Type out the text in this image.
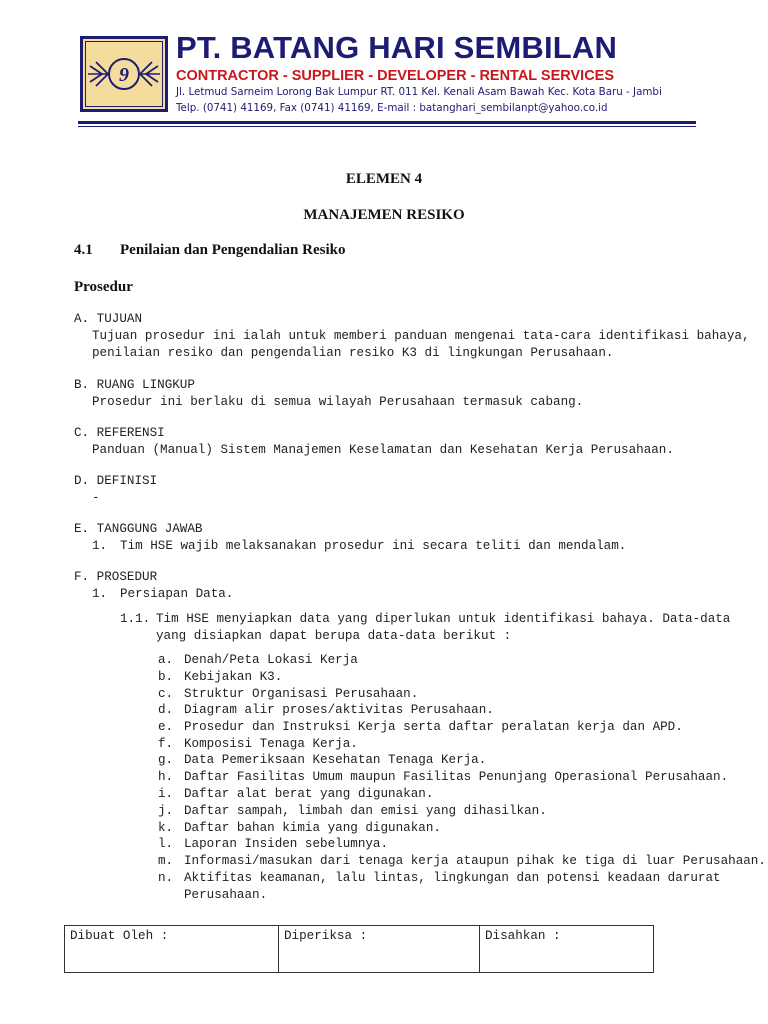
9
PT. BATANG HARI SEMBILAN
CONTRACTOR - SUPPLIER - DEVELOPER - RENTAL SERVICES
Jl. Letmud Sarneim Lorong Bak Lumpur RT. 011 Kel. Kenali Asam Bawah Kec. Kota Baru - Jambi
Telp. (0741) 41169, Fax (0741) 41169, E-mail : batanghari_sembilanpt@yahoo.co.id
ELEMEN 4
MANAJEMEN RESIKO
4.1 Penilaian dan Pengendalian Resiko
Prosedur
A. TUJUAN
Tujuan prosedur ini ialah untuk memberi panduan mengenai tata-cara identifikasi bahaya,
penilaian resiko dan pengendalian resiko K3 di lingkungan Perusahaan.
B. RUANG LINGKUP
Prosedur ini berlaku di semua wilayah Perusahaan termasuk cabang.
C. REFERENSI
Panduan (Manual) Sistem Manajemen Keselamatan dan Kesehatan Kerja Perusahaan.
D. DEFINISI
-
E. TANGGUNG JAWAB
1. Tim HSE wajib melaksanakan prosedur ini secara teliti dan mendalam.
F. PROSEDUR
1. Persiapan Data.
1.1. Tim HSE menyiapkan data yang diperlukan untuk identifikasi bahaya. Data-data
yang disiapkan dapat berupa data-data berikut :
a. Denah/Peta Lokasi Kerja
b. Kebijakan K3.
c. Struktur Organisasi Perusahaan.
d. Diagram alir proses/aktivitas Perusahaan.
e. Prosedur dan Instruksi Kerja serta daftar peralatan kerja dan APD.
f. Komposisi Tenaga Kerja.
g. Data Pemeriksaan Kesehatan Tenaga Kerja.
h. Daftar Fasilitas Umum maupun Fasilitas Penunjang Operasional Perusahaan.
i. Daftar alat berat yang digunakan.
j. Daftar sampah, limbah dan emisi yang dihasilkan.
k. Daftar bahan kimia yang digunakan.
l. Laporan Insiden sebelumnya.
m. Informasi/masukan dari tenaga kerja ataupun pihak ke tiga di luar Perusahaan.
n. Aktifitas keamanan, lalu lintas, lingkungan dan potensi keadaan darurat
Perusahaan.
Dibuat Oleh :	Diperiksa :	Disahkan :
